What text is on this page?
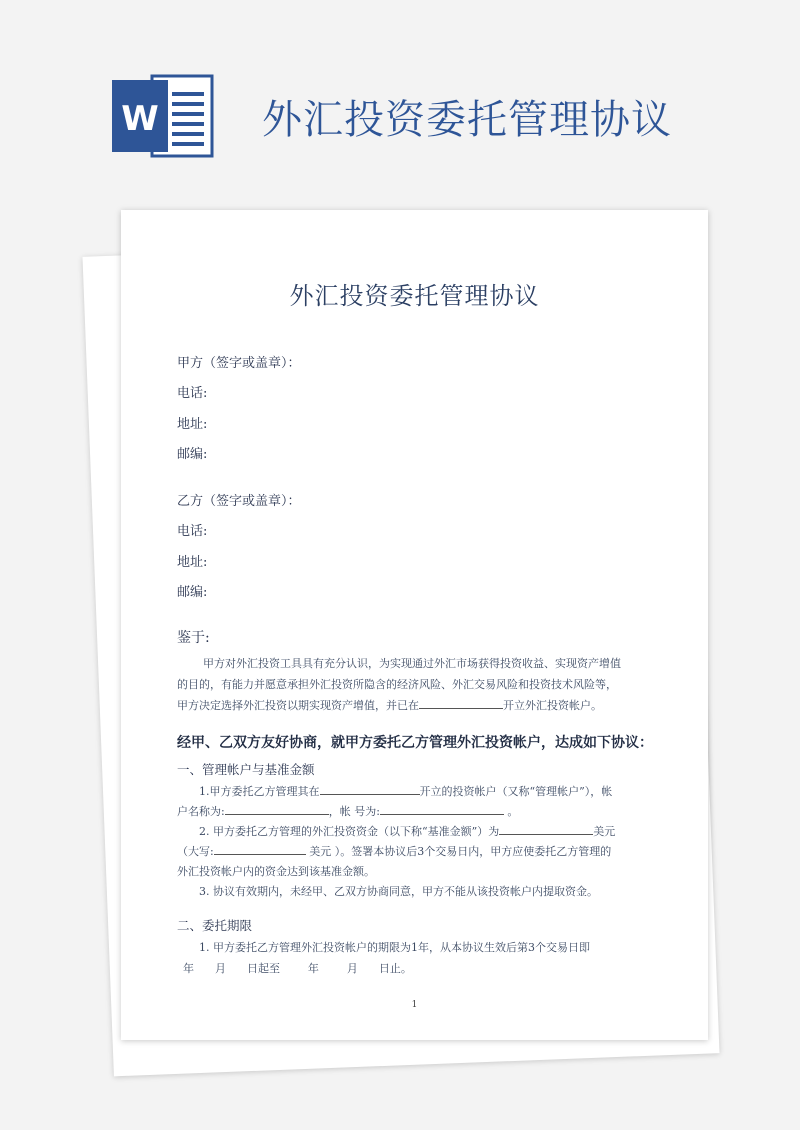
W	外汇投资委托管理协议
外汇投资委托管理协议
甲方（签字或盖章）：
电话:
地址:
邮编:
乙方（签字或盖章）：
电话:
地址:
邮编:
鉴于:
甲方对外汇投资工具具有充分认识，为实现通过外汇市场获得投资收益、实现资产增值
的目的，有能力并愿意承担外汇投资所隐含的经济风险、外汇交易风险和投资技术风险等，
甲方决定选择外汇投资以期实现资产增值，并已在	开立外汇投资帐户。
经甲、乙双方友好协商，就甲方委托乙方管理外汇投资帐户，达成如下协议：
一、管理帐户与基准金额
1.甲方委托乙方管理其在	开立的投资帐户（又称“管理帐户”），帐
户名称为:	，帐 号为:	。
2. 甲方委托乙方管理的外汇投资资金（以下称“基准金额”）为	美元
（大写:	美元 ）。签署本协议后3个交易日内，甲方应使委托乙方管理的
外汇投资帐户内的资金达到该基准金额。
3. 协议有效期内，未经甲、乙双方协商同意，甲方不能从该投资帐户内提取资金。
二、委托期限
1. 甲方委托乙方管理外汇投资帐户的期限为1年，从本协议生效后第3个交易日即
年      月      日起至        年        月      日止。
1
